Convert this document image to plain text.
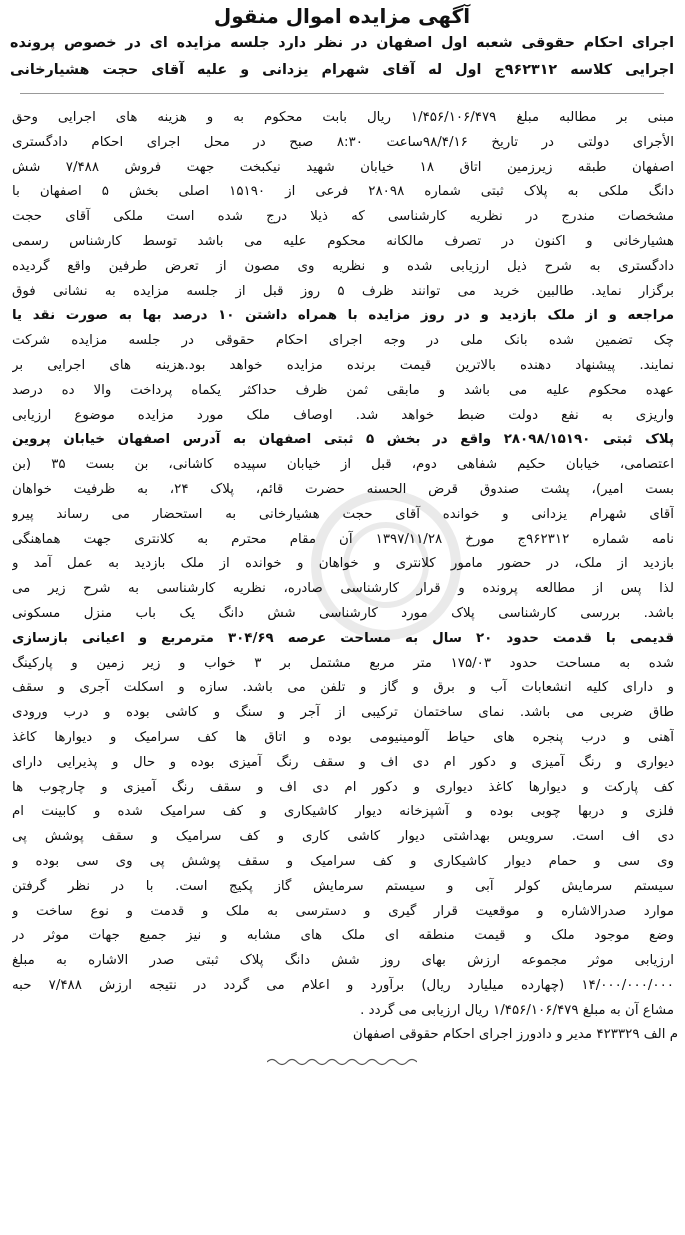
آگهی مزایده اموال منقول
اجرای احکام حقوقی شعبه اول اصفهان در نظر دارد جلسه مزایده ای در خصوص پرونده
اجرایی کلاسه ۹۶۲۳۱۲ج اول له آقای شهرام یزدانی و علیه آقای حجت هشیارخانی
مبنی بر مطالبه مبلغ ۱/۴۵۶/۱۰۶/۴۷۹ ریال بابت محکوم به و هزینه های اجرایی وحق
الأجرای دولتی در تاریخ ۹۸/۴/۱۶ساعت ۸:۳۰ صبح در محل اجرای احکام دادگستری
اصفهان طبقه زیرزمین اتاق ۱۸ خیابان شهید نیکبخت جهت فروش ۷/۴۸۸ شش
دانگ ملکی به پلاک ثبتی شماره ۲۸۰۹۸ فرعی از ۱۵۱۹۰ اصلی بخش ۵ اصفهان با
مشخصات مندرج در نظریه کارشناسی که ذیلا درج شده است ملکی آقای حجت
هشیارخانی و اکنون در تصرف مالکانه محکوم علیه می باشد توسط کارشناس رسمی
دادگستری به شرح ذیل ارزیابی شده و نظریه وی مصون از تعرض طرفین واقع گردیده
برگزار نماید. طالبین خرید می توانند ظرف ۵ روز قبل از جلسه مزایده به نشانی فوق
مراجعه و از ملک بازدید و در روز مزایده با همراه داشتن ۱۰ درصد بها به صورت نقد یا
چک تضمین شده بانک ملی در وجه اجرای احکام حقوقی در جلسه مزایده شرکت
نمایند. پیشنهاد دهنده بالاترین قیمت برنده مزایده خواهد بود.هزینه های اجرایی بر
عهده محکوم علیه می باشد و مابقی ثمن ظرف حداکثر یکماه پرداخت والا ده درصد
واریزی به نفع دولت ضبط خواهد شد. اوصاف ملک مورد مزایده موضوع ارزیابی
پلاک ثبتی ۲۸۰۹۸/۱۵۱۹۰ واقع در بخش ۵ ثبتی اصفهان به آدرس اصفهان خیابان پروین
اعتصامی، خیابان حکیم شفاهی دوم، قبل از خیابان سپیده کاشانی، بن بست ۳۵ (بن
بست امیر)، پشت صندوق قرض الحسنه حضرت قائم، پلاک ۲۴، به ظرفیت خواهان
آقای شهرام یزدانی و خوانده آقای حجت هشیارخانی به استحضار می رساند پیرو
نامه شماره ۹۶۲۳۱۲ج مورخ ۱۳۹۷/۱۱/۲۸ آن مقام محترم به کلانتری جهت هماهنگی
بازدید از ملک، در حضور مامور کلانتری و خواهان و خوانده از ملک بازدید به عمل آمد و
لذا پس از مطالعه پرونده و قرار کارشناسی صادره، نظریه کارشناسی به شرح زیر می
باشد. بررسی کارشناسی پلاک مورد کارشناسی شش دانگ یک باب منزل مسکونی
قدیمی با قدمت حدود ۲۰ سال به مساحت عرصه ۳۰۴/۶۹ مترمربع و اعیانی بازسازی
شده به مساحت حدود ۱۷۵/۰۳ متر مربع مشتمل بر ۳ خواب و زیر زمین و پارکینگ
و دارای کلیه انشعابات آب و برق و گاز و تلفن می باشد. سازه و اسکلت آجری و سقف
طاق ضربی می باشد. نمای ساختمان ترکیبی از آجر و سنگ و کاشی بوده و درب ورودی
آهنی و درب پنجره های حیاط آلومینیومی بوده و اتاق ها کف سرامیک و دیوارها کاغذ
دیواری و رنگ آمیزی و دکور ام دی اف و سقف رنگ آمیزی بوده و حال و پذیرایی دارای
کف پارکت و دیوارها کاغذ دیواری و دکور ام دی اف و سقف رنگ آمیزی و چارچوب ها
فلزی و دربها چوبی بوده و آشپزخانه دیوار کاشیکاری و کف سرامیک شده و کابینت ام
دی اف است. سرویس بهداشتی دیوار کاشی کاری و کف سرامیک و سقف پوشش پی
وی سی و حمام دیوار کاشیکاری و کف سرامیک و سقف پوشش پی وی سی بوده و
سیستم سرمایش کولر آبی و سیستم سرمایش گاز پکیج است. با در نظر گرفتن
موارد صدرالاشاره و موقعیت قرار گیری و دسترسی به ملک و قدمت و نوع ساخت و
وضع موجود ملک و قیمت منطقه ای ملک های مشابه و نیز جمیع جهات موثر در
ارزیابی موثر مجموعه ارزش بهای روز شش دانگ پلاک ثبتی صدر الاشاره به مبلغ
۱۴/۰۰۰/۰۰۰/۰۰۰ (چهارده میلیارد ریال) برآورد و اعلام می گردد در نتیجه ارزش ۷/۴۸۸ حبه
مشاع آن به مبلغ ۱/۴۵۶/۱۰۶/۴۷۹ ریال ارزیابی می گردد .
م الف ۴۲۳۳۲۹ مدیر و دادورز اجرای احکام حقوقی اصفهان
